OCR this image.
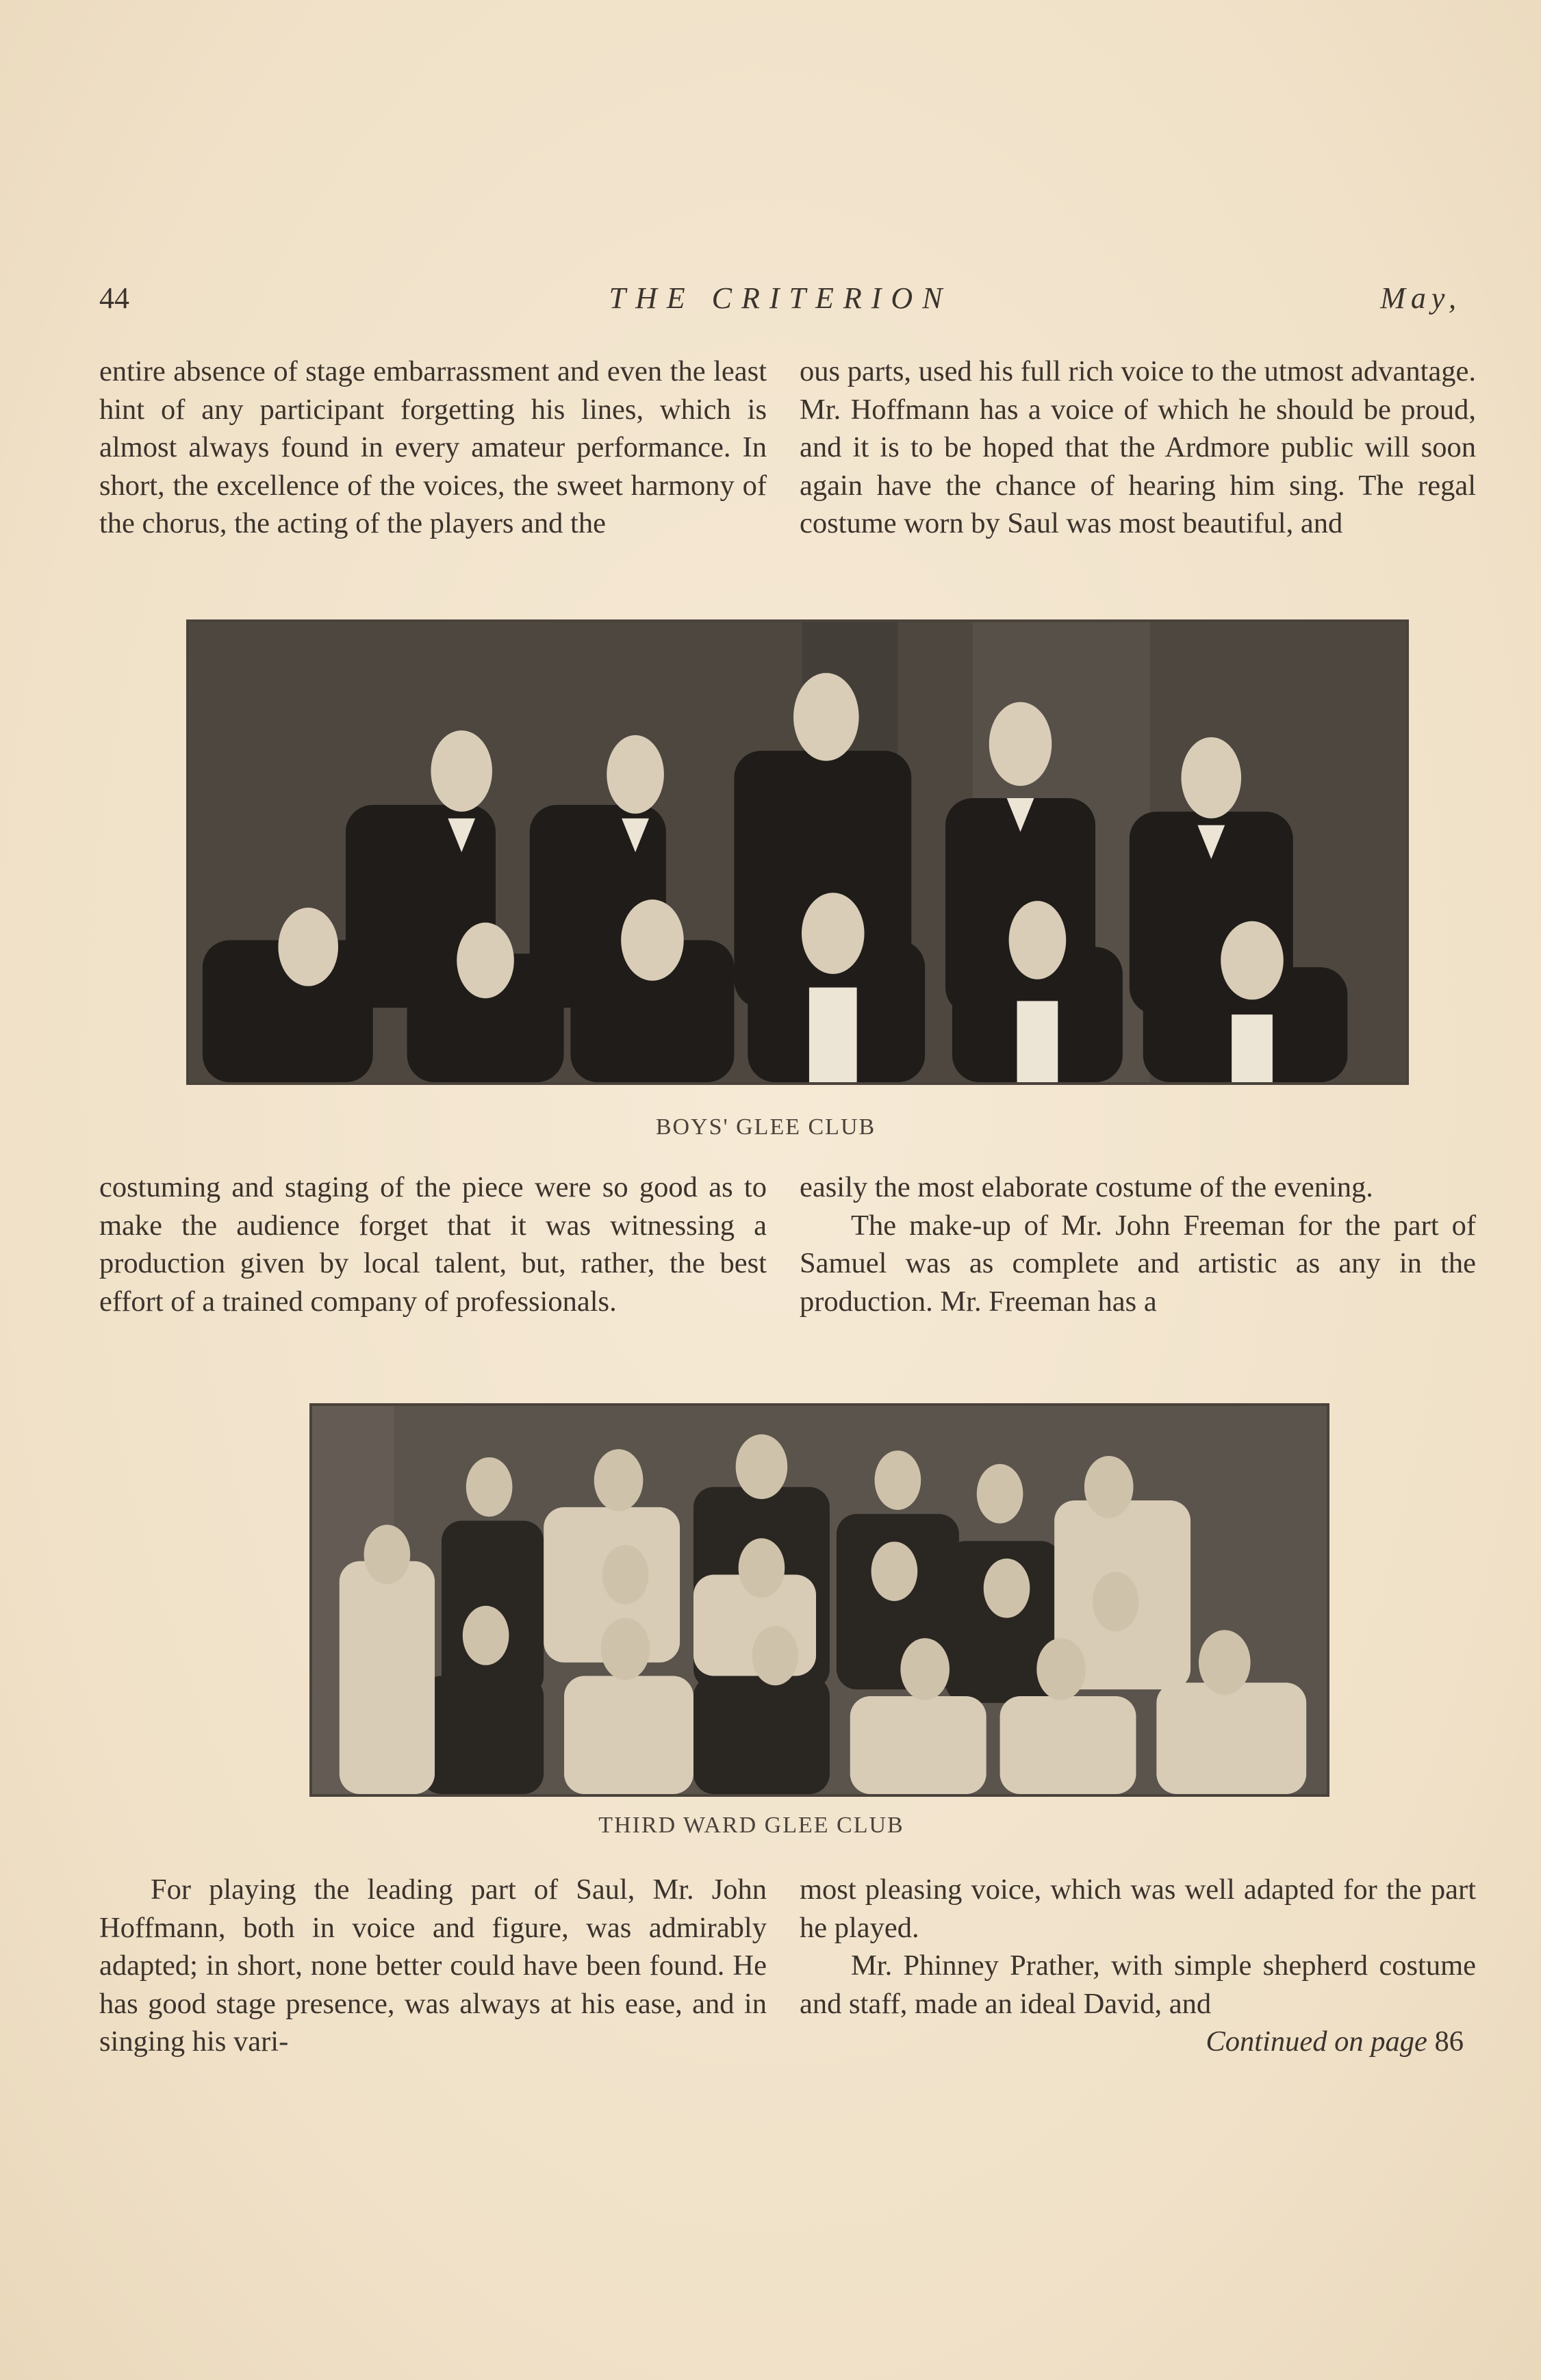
44	THE CRITERION	May,

entire absence of stage embarrassment and even the least hint of any participant forgetting his lines, which is almost always found in every amateur performance. In short, the excellence of the voices, the sweet harmony of the chorus, the acting of the players and the

ous parts, used his full rich voice to the utmost advantage. Mr. Hoffmann has a voice of which he should be proud, and it is to be hoped that the Ardmore public will soon again have the chance of hearing him sing. The regal costume worn by Saul was most beautiful, and

BOYS' GLEE CLUB

costuming and staging of the piece were so good as to make the audience forget that it was witnessing a production given by local talent, but, rather, the best effort of a trained company of professionals.

easily the most elaborate costume of the evening.

The make-up of Mr. John Freeman for the part of Samuel was as complete and artistic as any in the production. Mr. Freeman has a

THIRD WARD GLEE CLUB

For playing the leading part of Saul, Mr. John Hoffmann, both in voice and figure, was admirably adapted; in short, none better could have been found. He has good stage presence, was always at his ease, and in singing his vari-

most pleasing voice, which was well adapted for the part he played.

Mr. Phinney Prather, with simple shepherd costume and staff, made an ideal David, and

Continued on page 86
